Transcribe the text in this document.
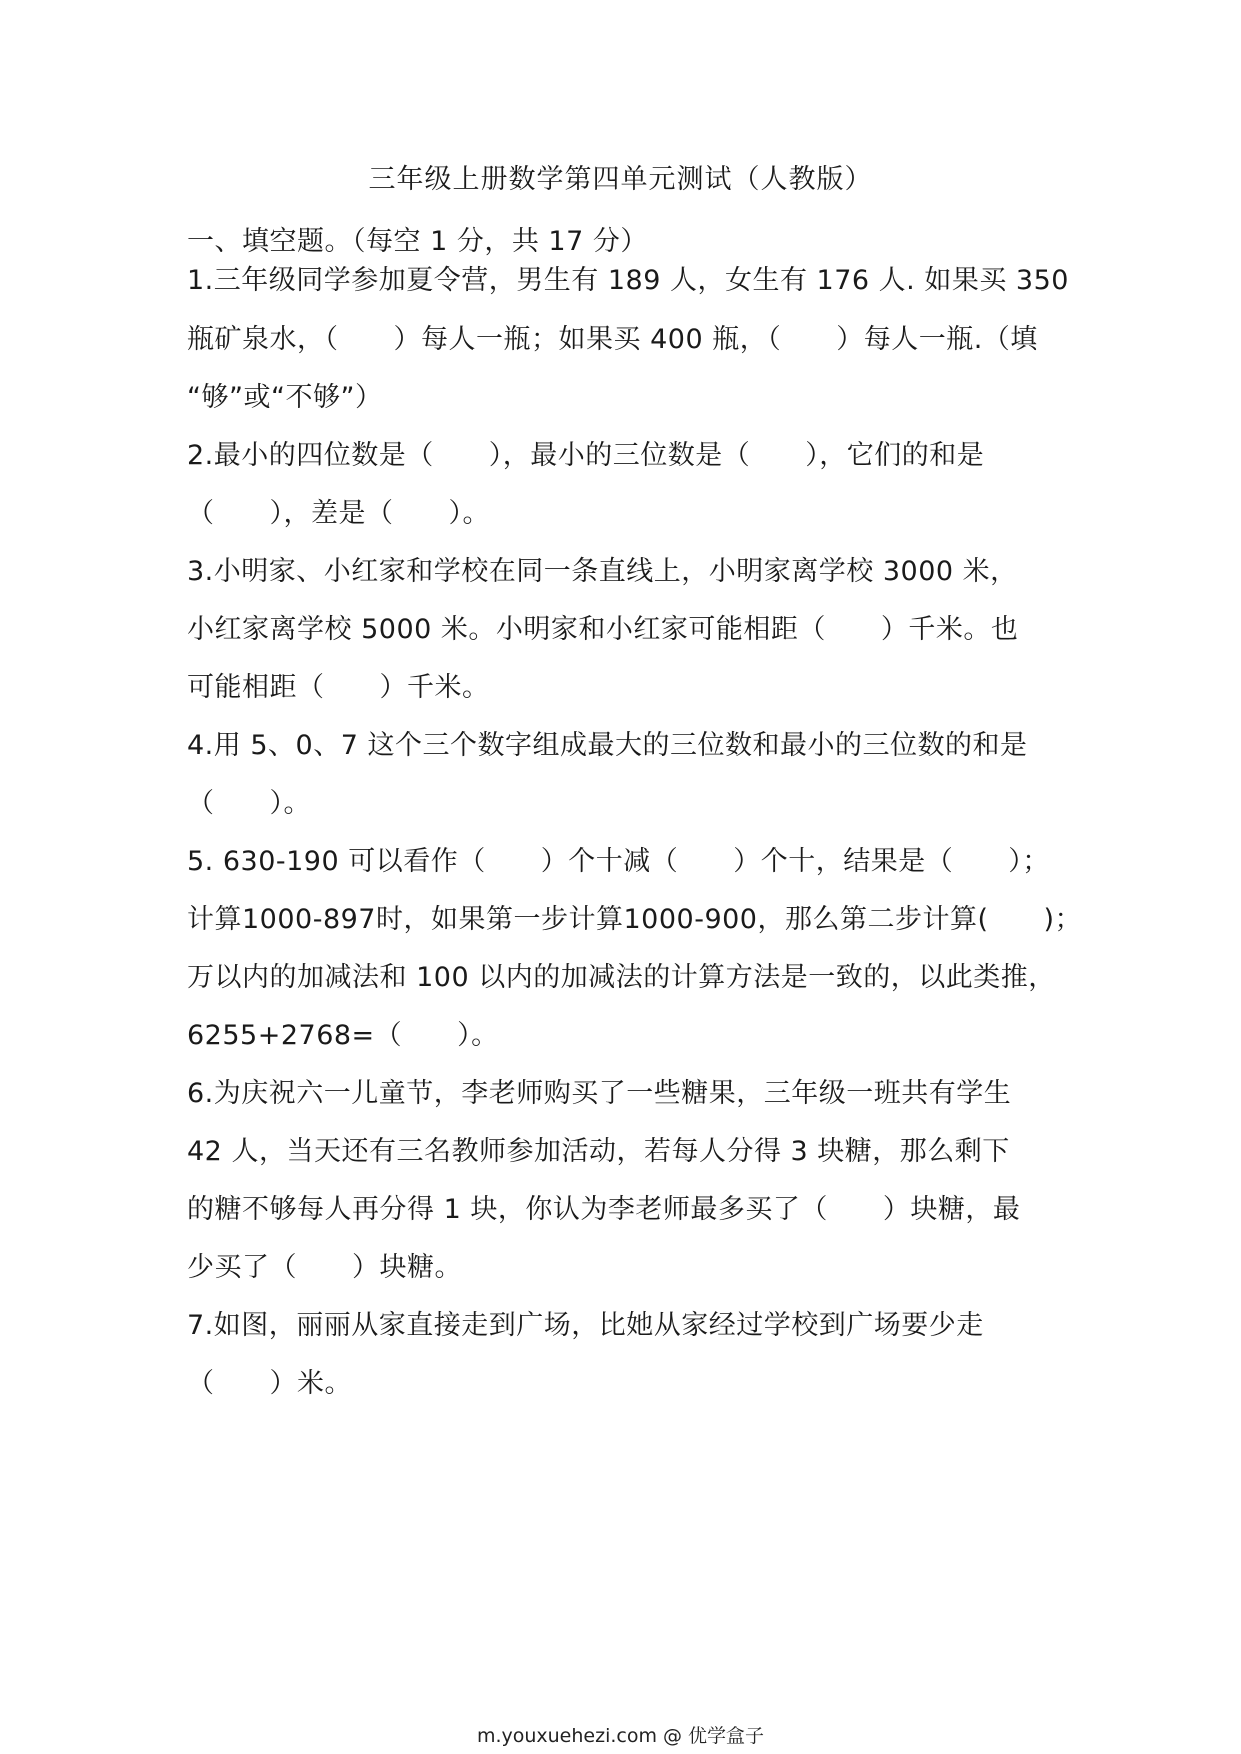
三年级上册数学第四单元测试（人教版）
一、填空题。（每空 1 分，共 17 分）
1.三年级同学参加夏令营，男生有 189 人，女生有 176 人. 如果买 350
瓶矿泉水，（　　）每人一瓶；如果买 400 瓶，（　　）每人一瓶.（填
“够”或“不够”）
2.最小的四位数是（　　），最小的三位数是（　　），它们的和是
（　　），差是（　　）。
3.小明家、小红家和学校在同一条直线上，小明家离学校 3000 米，
小红家离学校 5000 米。小明家和小红家可能相距（　　）千米。也
可能相距（　　）千米。
4.用 5、0、7 这个三个数字组成最大的三位数和最小的三位数的和是
（　　）。
5. 630-190 可以看作（　　）个十减（　　）个十，结果是（　　）；
计算1000-897时，如果第一步计算1000-900，那么第二步计算(　　)；
万以内的加减法和 100 以内的加减法的计算方法是一致的，以此类推，
6255+2768=（　　）。
6.为庆祝六一儿童节，李老师购买了一些糖果，三年级一班共有学生
42 人，当天还有三名教师参加活动，若每人分得 3 块糖，那么剩下
的糖不够每人再分得 1 块，你认为李老师最多买了（　　）块糖，最
少买了（　　）块糖。
7.如图，丽丽从家直接走到广场，比她从家经过学校到广场要少走
（　　）米。
m.youxuehezi.com @ 优学盒子
